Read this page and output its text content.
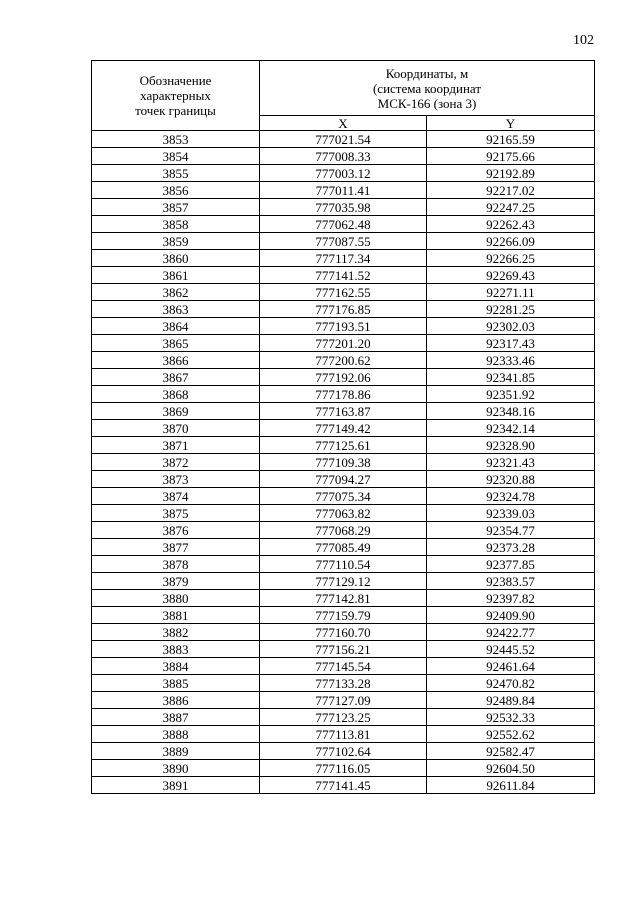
102
Обозначение
характерных
точек границы	Координаты, м
(система координат
МСК-166 (зона 3)	

	X	Y
3853	777021.54	92165.59
3854	777008.33	92175.66
3855	777003.12	92192.89
3856	777011.41	92217.02
3857	777035.98	92247.25
3858	777062.48	92262.43
3859	777087.55	92266.09
3860	777117.34	92266.25
3861	777141.52	92269.43
3862	777162.55	92271.11
3863	777176.85	92281.25
3864	777193.51	92302.03
3865	777201.20	92317.43
3866	777200.62	92333.46
3867	777192.06	92341.85
3868	777178.86	92351.92
3869	777163.87	92348.16
3870	777149.42	92342.14
3871	777125.61	92328.90
3872	777109.38	92321.43
3873	777094.27	92320.88
3874	777075.34	92324.78
3875	777063.82	92339.03
3876	777068.29	92354.77
3877	777085.49	92373.28
3878	777110.54	92377.85
3879	777129.12	92383.57
3880	777142.81	92397.82
3881	777159.79	92409.90
3882	777160.70	92422.77
3883	777156.21	92445.52
3884	777145.54	92461.64
3885	777133.28	92470.82
3886	777127.09	92489.84
3887	777123.25	92532.33
3888	777113.81	92552.62
3889	777102.64	92582.47
3890	777116.05	92604.50
3891	777141.45	92611.84
